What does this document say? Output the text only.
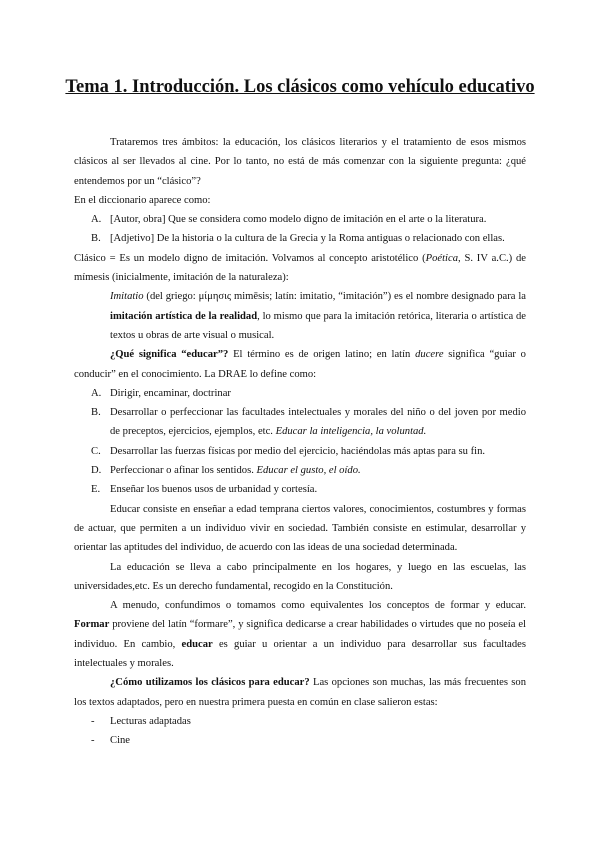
Tema 1. Introducción. Los clásicos como vehículo educativo

Trataremos tres ámbitos: la educación, los clásicos literarios y el tratamiento de esos mismos clásicos al ser llevados al cine. Por lo tanto, no está de más comenzar con la siguiente pregunta: ¿qué entendemos por un “clásico”?

En el diccionario aparece como:

A. [Autor, obra] Que se considera como modelo digno de imitación en el arte o la literatura.
B. [Adjetivo] De la historia o la cultura de la Grecia y la Roma antiguas o relacionado con ellas.

Clásico = Es un modelo digno de imitación. Volvamos al concepto aristotélico (Poética, S. IV a.C.) de mímesis (inicialmente, imitación de la naturaleza):

Imitatio (del griego: μίμησις mimēsis; latín: imitatio, “imitación”) es el nombre designado para la imitación artística de la realidad, lo mismo que para la imitación retórica, literaria o artística de textos u obras de arte visual o musical.

¿Qué significa “educar”? El término es de origen latino; en latín ducere significa “guiar o conducir” en el conocimiento. La DRAE lo define como:

A. Dirigir, encaminar, doctrinar
B. Desarrollar o perfeccionar las facultades intelectuales y morales del niño o del joven por medio de preceptos, ejercicios, ejemplos, etc. Educar la inteligencia, la voluntad.
C. Desarrollar las fuerzas físicas por medio del ejercicio, haciéndolas más aptas para su fin.
D. Perfeccionar o afinar los sentidos. Educar el gusto, el oído.
E. Enseñar los buenos usos de urbanidad y cortesía.

Educar consiste en enseñar a edad temprana ciertos valores, conocimientos, costumbres y formas de actuar, que permiten a un individuo vivir en sociedad. También consiste en estimular, desarrollar y orientar las aptitudes del individuo, de acuerdo con las ideas de una sociedad determinada.

La educación se lleva a cabo principalmente en los hogares, y luego en las escuelas, las universidades,etc. Es un derecho fundamental, recogido en la Constitución.

A menudo, confundimos o tomamos como equivalentes los conceptos de formar y educar. Formar proviene del latín “formare”, y significa dedicarse a crear habilidades o virtudes que no poseía el individuo. En cambio, educar es guiar u orientar a un individuo para desarrollar sus facultades intelectuales y morales.

¿Cómo utilizamos los clásicos para educar? Las opciones son muchas, las más frecuentes son los textos adaptados, pero en nuestra primera puesta en común en clase salieron estas:

- Lecturas adaptadas
- Cine
